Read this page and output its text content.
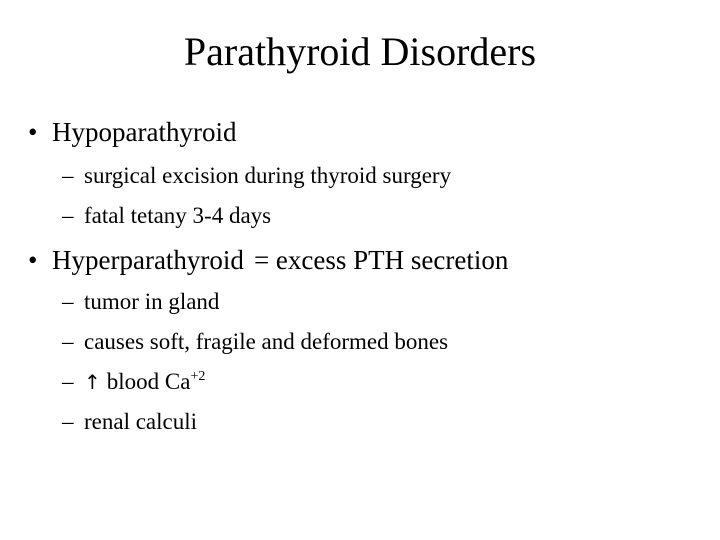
Parathyroid Disorders
• Hypoparathyroid
– surgical excision during thyroid surgery
– fatal tetany 3-4 days
• Hyperparathyroid = excess PTH secretion
– tumor in gland
– causes soft, fragile and deformed bones
– ↑ blood $Ca^{+2}$
– renal calculi
